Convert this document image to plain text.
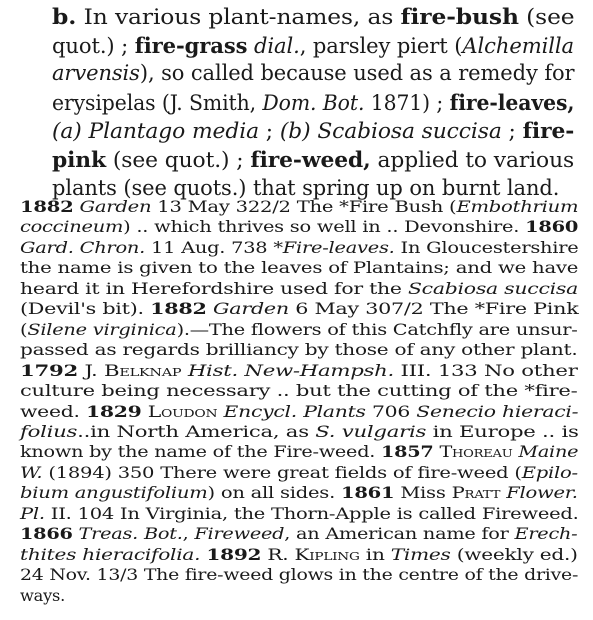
b. In various plant-names, as fire-bush (see
quot.) ; fire-grass dial., parsley piert (Alchemilla
arvensis), so called because used as a remedy for
erysipelas (J. Smith, Dom. Bot. 1871) ; fire-leaves,
(a) Plantago media ; (b) Scabiosa succisa ; fire-
pink (see quot.) ; fire-weed, applied to various
plants (see quots.) that spring up on burnt land.
1882 Garden 13 May 322/2 The *Fire Bush (Embothrium
coccineum) .. which thrives so well in .. Devonshire. 1860
Gard. Chron. 11 Aug. 738 *Fire-leaves. In Gloucestershire
the name is given to the leaves of Plantains; and we have
heard it in Herefordshire used for the Scabiosa succisa
(Devil's bit). 1882 Garden 6 May 307/2 The *Fire Pink
(Silene virginica).—The flowers of this Catchfly are unsur-
passed as regards brilliancy by those of any other plant.
1792 J. Belknap Hist. New-Hampsh. III. 133 No other
culture being necessary .. but the cutting of the *fire-
weed. 1829 Loudon Encycl. Plants 706 Senecio hieraci-
folius..in North America, as S. vulgaris in Europe .. is
known by the name of the Fire-weed. 1857 Thoreau Maine
W. (1894) 350 There were great fields of fire-weed (Epilo-
bium angustifolium) on all sides. 1861 Miss Pratt Flower.
Pl. II. 104 In Virginia, the Thorn-Apple is called Fireweed.
1866 Treas. Bot., Fireweed, an American name for Erech-
thites hieracifolia. 1892 R. Kipling in Times (weekly ed.)
24 Nov. 13/3 The fire-weed glows in the centre of the drive-
ways.
